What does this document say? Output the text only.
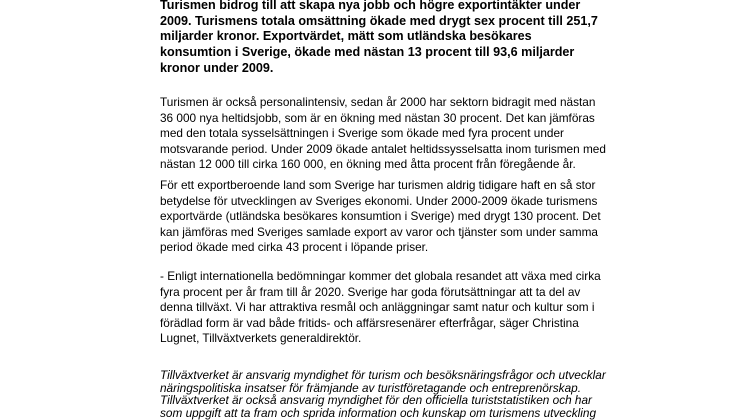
Turismen bidrog till att skapa nya jobb och högre exportintäkter under
2009. Turismens totala omsättning ökade med drygt sex procent till 251,7
miljarder kronor. Exportvärdet, mätt som utländska besökares
konsumtion i Sverige, ökade med nästan 13 procent till 93,6 miljarder
kronor under 2009.

Turismen är också personalintensiv, sedan år 2000 har sektorn bidragit med nästan
36 000 nya heltidsjobb, som är en ökning med nästan 30 procent. Det kan jämföras
med den totala sysselsättningen i Sverige som ökade med fyra procent under
motsvarande period. Under 2009 ökade antalet heltidssysselsatta inom turismen med
nästan 12 000 till cirka 160 000, en ökning med åtta procent från föregående år.

För ett exportberoende land som Sverige har turismen aldrig tidigare haft en så stor
betydelse för utvecklingen av Sveriges ekonomi. Under 2000-2009 ökade turismens
exportvärde (utländska besökares konsumtion i Sverige) med drygt 130 procent. Det
kan jämföras med Sveriges samlade export av varor och tjänster som under samma
period ökade med cirka 43 procent i löpande priser.

- Enligt internationella bedömningar kommer det globala resandet att växa med cirka
fyra procent per år fram till år 2020. Sverige har goda förutsättningar att ta del av
denna tillväxt. Vi har attraktiva resmål och anläggningar samt natur och kultur som i
förädlad form är vad både fritids- och affärsresenärer efterfrågar, säger Christina
Lugnet, Tillväxtverkets generaldirektör.

Tillväxtverket är ansvarig myndighet för turism och besöksnäringsfrågor och utvecklar
näringspolitiska insatser för främjande av turistföretagande och entreprenörskap.
Tillväxtverket är också ansvarig myndighet för den officiella turiststatistiken och har
som uppgift att ta fram och sprida information och kunskap om turismens utveckling
